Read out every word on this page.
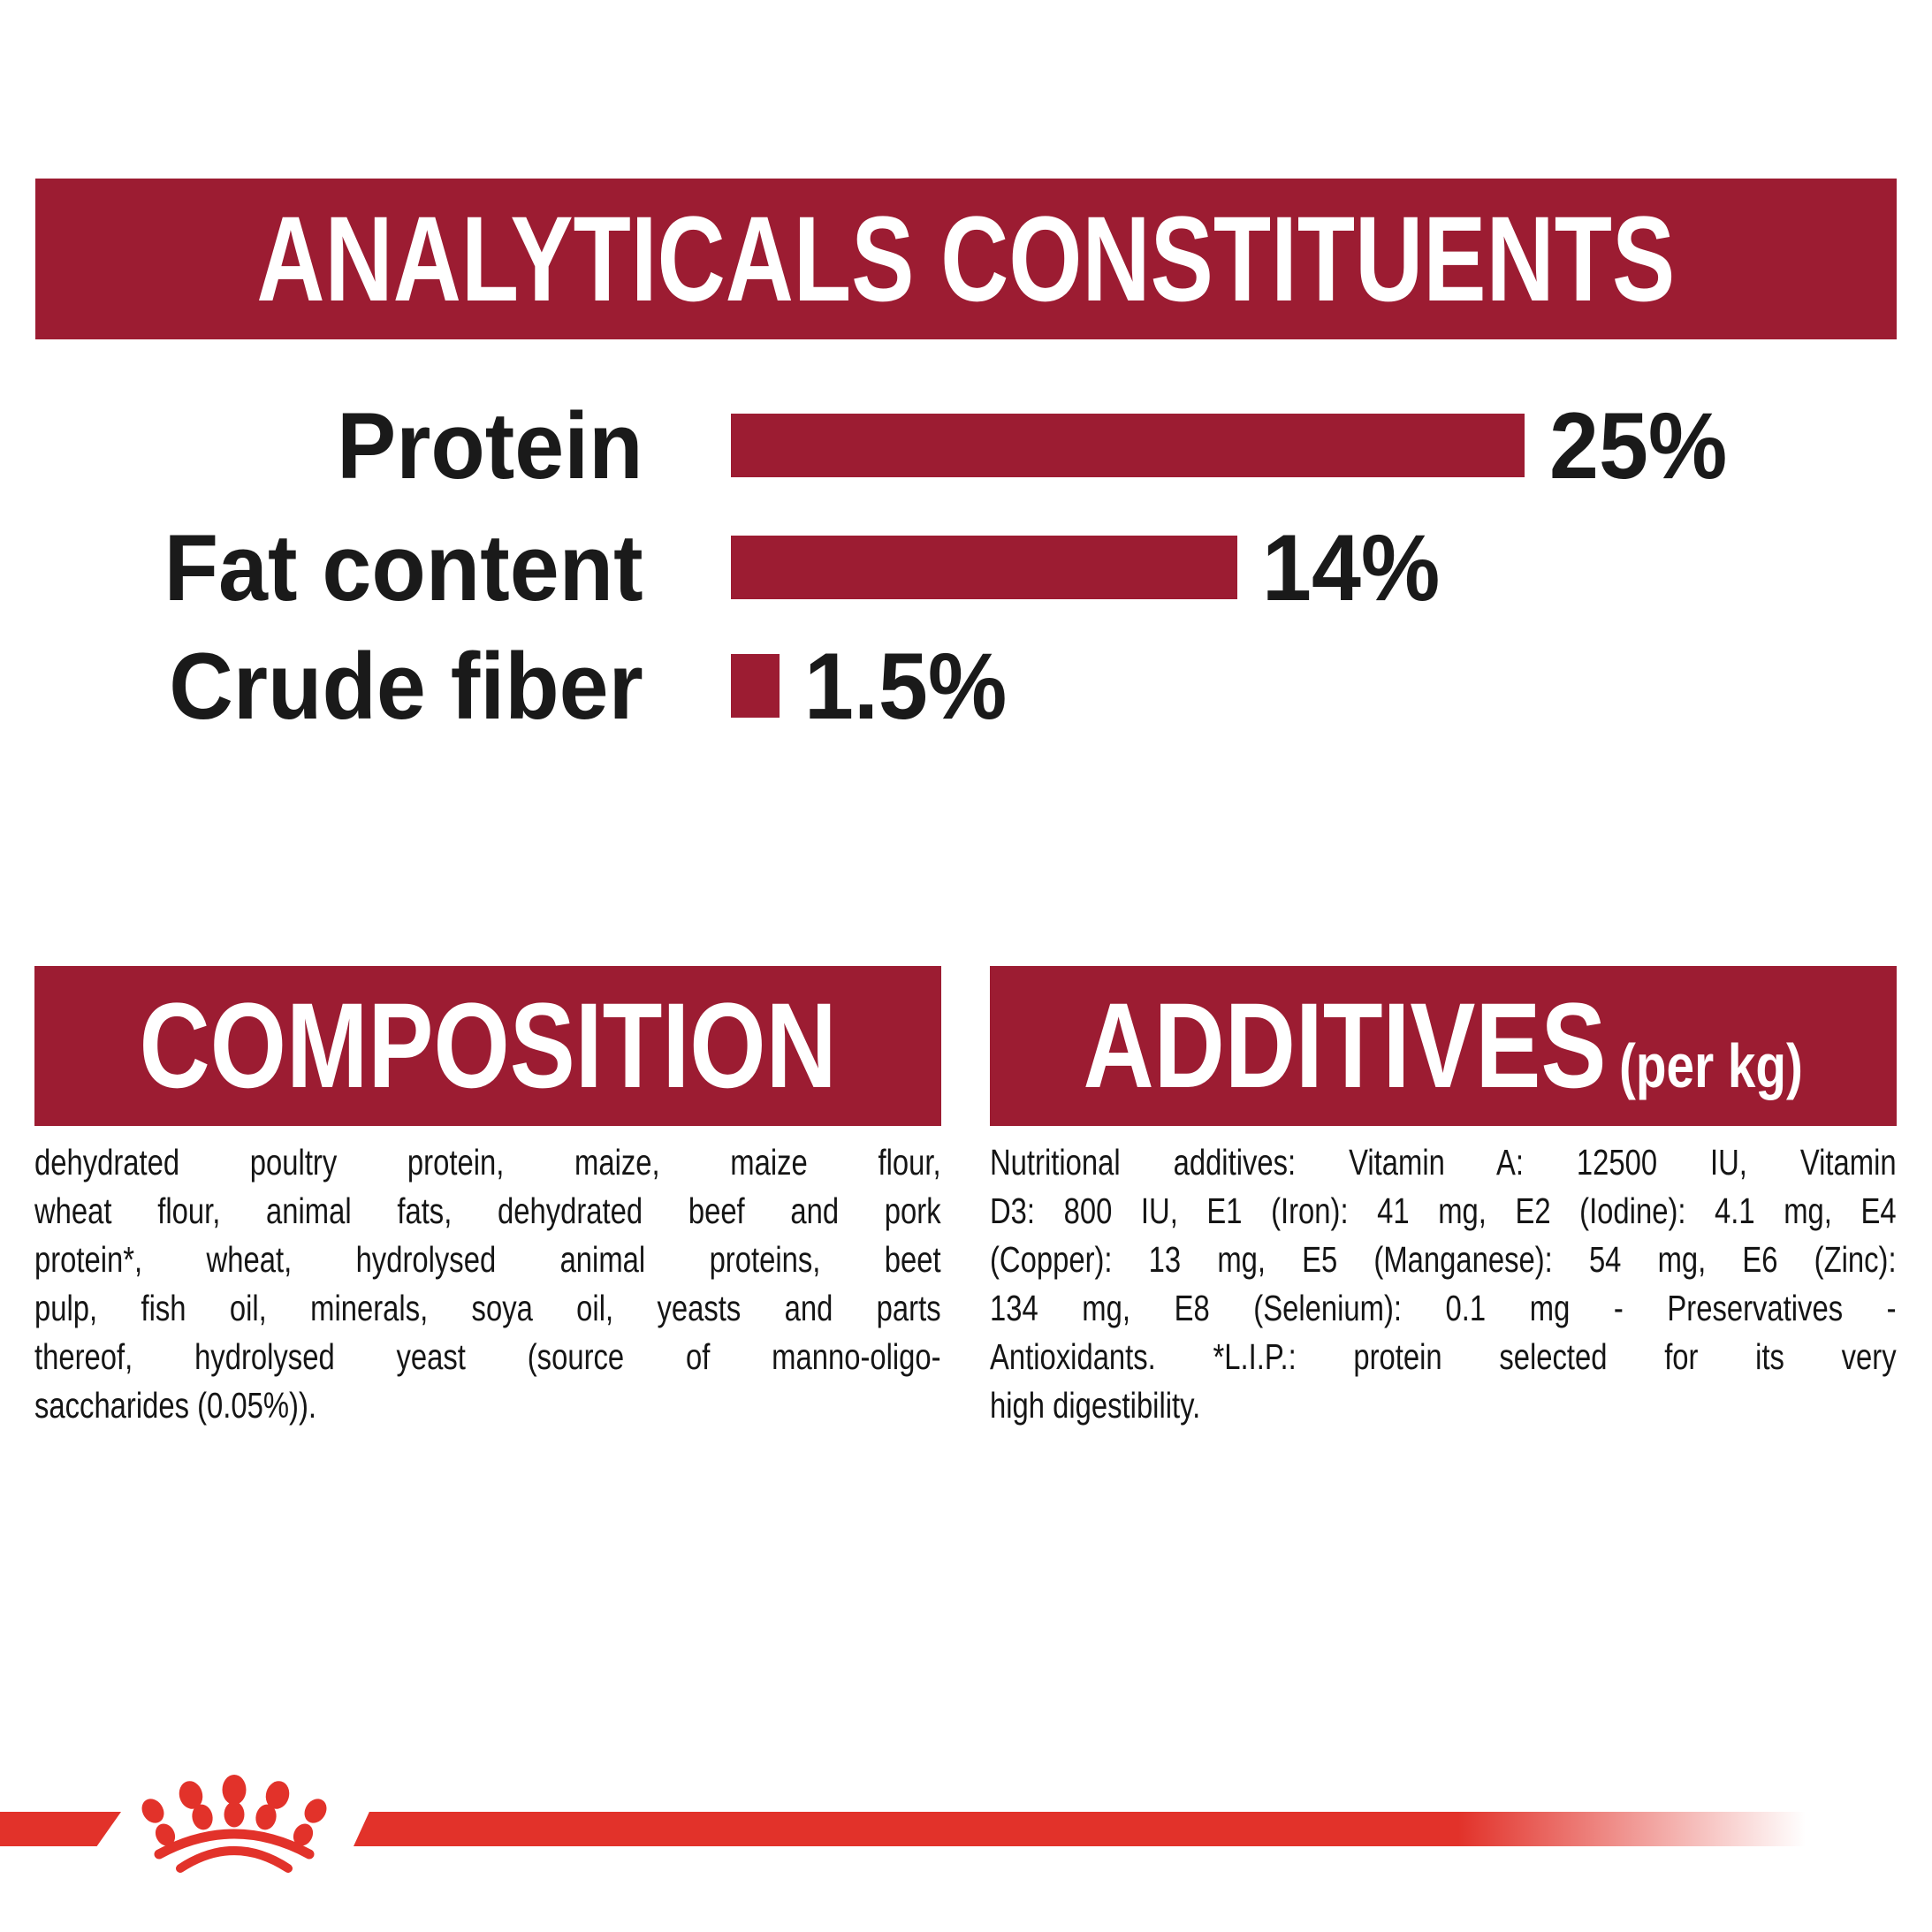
ANALYTICALS CONSTITUENTS
Protein	25%
Fat content	14%
Crude fiber 1.5%
COMPOSITION
dehydrated poultry protein, maize, maize flour,
wheat flour, animal fats, dehydrated beef and pork
protein*, wheat, hydrolysed animal proteins, beet
pulp, fish oil, minerals, soya oil, yeasts and parts
thereof, hydrolysed yeast (source of manno-oligo-
saccharides (0.05%)).
ADDITIVES (per kg)
Nutritional additives: Vitamin A: 12500 IU, Vitamin
D3: 800 IU, E1 (Iron): 41 mg, E2 (Iodine): 4.1 mg, E4
(Copper): 13 mg, E5 (Manganese): 54 mg, E6 (Zinc):
134 mg, E8 (Selenium): 0.1 mg - Preservatives -
Antioxidants. *L.I.P.: protein selected for its very
high digestibility.
